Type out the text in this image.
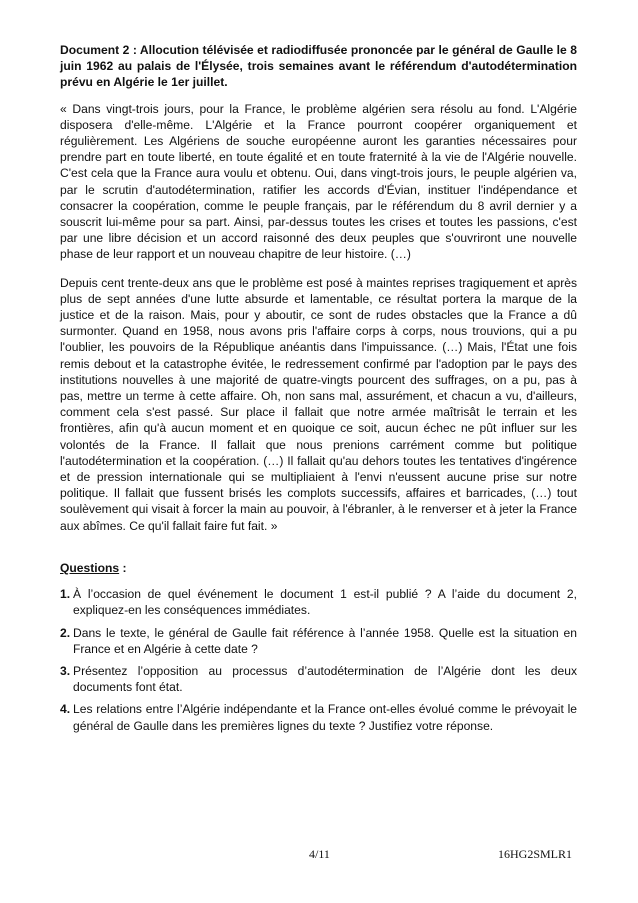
Document 2 : Allocution télévisée et radiodiffusée prononcée par le général de Gaulle le 8 juin 1962 au palais de l'Élysée, trois semaines avant le référendum d'autodétermination prévu en Algérie le 1er juillet.

« Dans vingt-trois jours, pour la France, le problème algérien sera résolu au fond. L'Algérie disposera d'elle-même. L'Algérie et la France pourront coopérer organiquement et régulièrement. Les Algériens de souche européenne auront les garanties nécessaires pour prendre part en toute liberté, en toute égalité et en toute fraternité à la vie de l'Algérie nouvelle. C'est cela que la France aura voulu et obtenu. Oui, dans vingt-trois jours, le peuple algérien va, par le scrutin d'autodétermination, ratifier les accords d'Évian, instituer l'indépendance et consacrer la coopération, comme le peuple français, par le référendum du 8 avril dernier y a souscrit lui-même pour sa part. Ainsi, par-dessus toutes les crises et toutes les passions, c'est par une libre décision et un accord raisonné des deux peuples que s'ouvriront une nouvelle phase de leur rapport et un nouveau chapitre de leur histoire. (…)

Depuis cent trente-deux ans que le problème est posé à maintes reprises tragiquement et après plus de sept années d'une lutte absurde et lamentable, ce résultat portera la marque de la justice et de la raison. Mais, pour y aboutir, ce sont de rudes obstacles que la France a dû surmonter. Quand en 1958, nous avons pris l'affaire corps à corps, nous trouvions, qui a pu l'oublier, les pouvoirs de la République anéantis dans l'impuissance. (…) Mais, l'État une fois remis debout et la catastrophe évitée, le redressement confirmé par l'adoption par le pays des institutions nouvelles à une majorité de quatre-vingts pourcent des suffrages, on a pu, pas à pas, mettre un terme à cette affaire. Oh, non sans mal, assurément, et chacun a vu, d'ailleurs, comment cela s'est passé. Sur place il fallait que notre armée maîtrisât le terrain et les frontières, afin qu'à aucun moment et en quoique ce soit, aucun échec ne pût influer sur les volontés de la France. Il fallait que nous prenions carrément comme but politique l'autodétermination et la coopération. (…) Il fallait qu'au dehors toutes les tentatives d'ingérence et de pression internationale qui se multipliaient à l'envi n'eussent aucune prise sur notre politique. Il fallait que fussent brisés les complots successifs, affaires et barricades, (…) tout soulèvement qui visait à forcer la main au pouvoir, à l'ébranler, à le renverser et à jeter la France aux abîmes. Ce qu'il fallait faire fut fait. »

Questions :
1. À l’occasion de quel événement le document 1 est-il publié ? A l’aide du document 2, expliquez-en les conséquences immédiates.
2. Dans le texte, le général de Gaulle fait référence à l’année 1958. Quelle est la situation en France et en Algérie à cette date ?
3. Présentez l’opposition au processus d’autodétermination de l’Algérie dont les deux documents font état.
4. Les relations entre l’Algérie indépendante et la France ont-elles évolué comme le prévoyait le général de Gaulle dans les premières lignes du texte ? Justifiez votre réponse.
4/11	16HG2SMLR1
